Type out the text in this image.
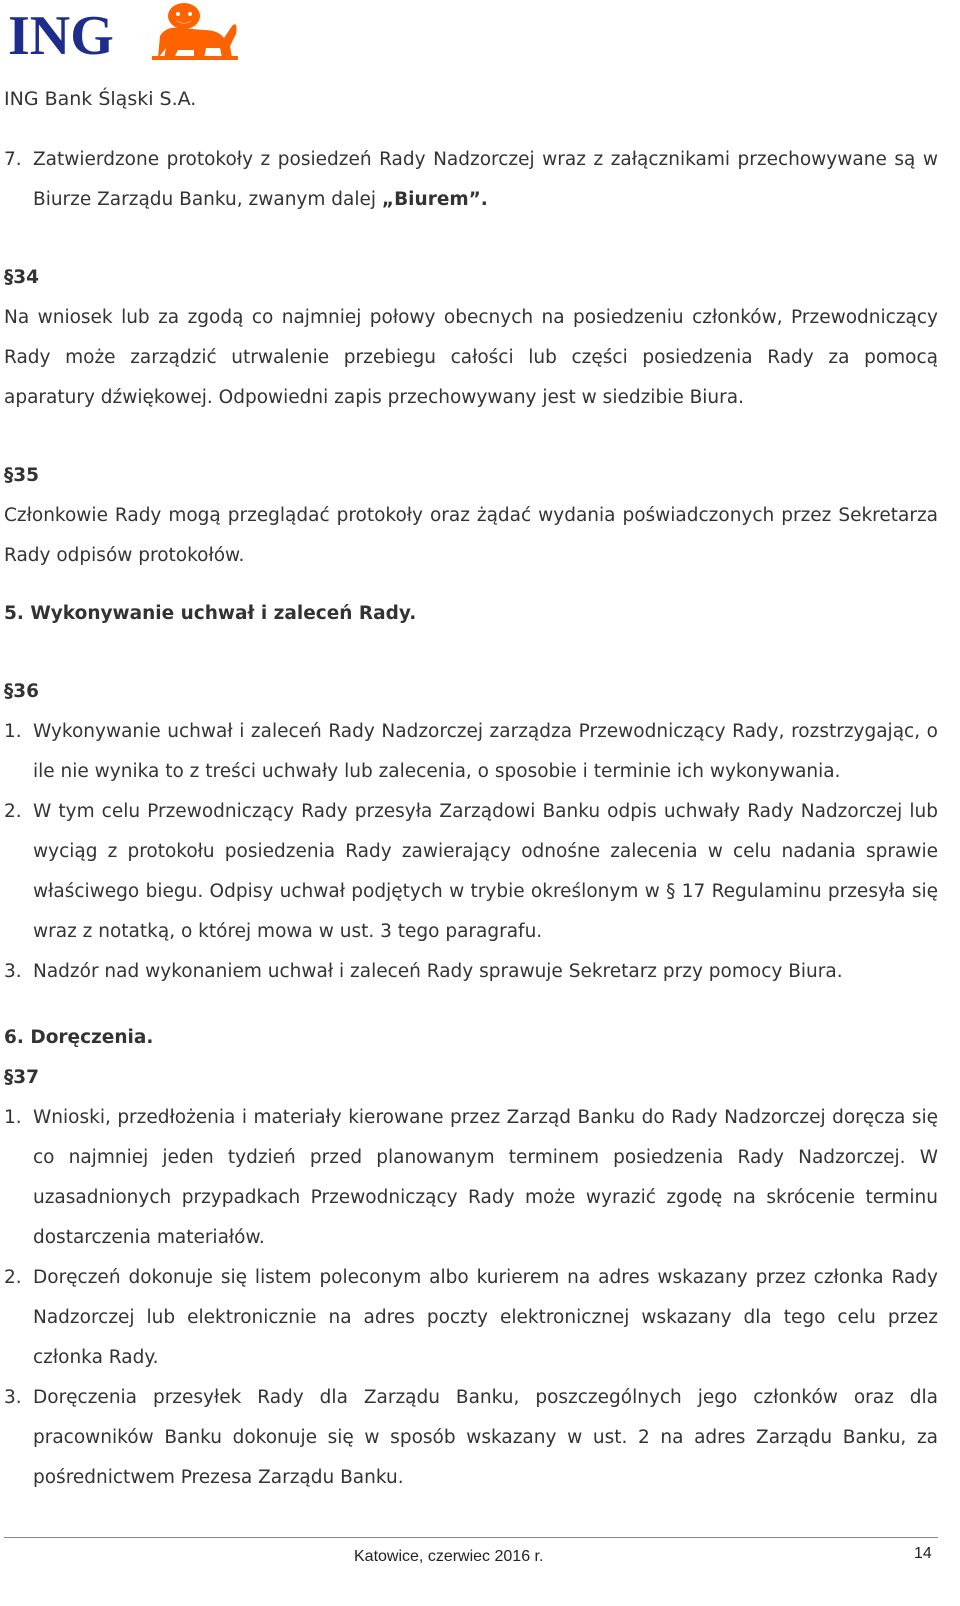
ING
ING Bank Śląski S.A.
7. Zatwierdzone protokoły z posiedzeń Rady Nadzorczej wraz z załącznikami przechowywane są w Biurze Zarządu Banku, zwanym dalej „Biurem”.

§34

Na wniosek lub za zgodą co najmniej połowy obecnych na posiedzeniu członków, Przewodniczący Rady może zarządzić utrwalenie przebiegu całości lub części posiedzenia Rady za pomocą aparatury dźwiękowej. Odpowiedni zapis przechowywany jest w siedzibie Biura.

§35

Członkowie Rady mogą przeglądać protokoły oraz żądać wydania poświadczonych przez Sekretarza Rady odpisów protokołów.

5. Wykonywanie uchwał i zaleceń Rady.

§36

1. Wykonywanie uchwał i zaleceń Rady Nadzorczej zarządza Przewodniczący Rady, rozstrzygając, o ile nie wynika to z treści uchwały lub zalecenia, o sposobie i terminie ich wykonywania.
2. W tym celu Przewodniczący Rady przesyła Zarządowi Banku odpis uchwały Rady Nadzorczej lub wyciąg z protokołu posiedzenia Rady zawierający odnośne zalecenia w celu nadania sprawie właściwego biegu. Odpisy uchwał podjętych w trybie określonym w § 17 Regulaminu przesyła się wraz z notatką, o której mowa w ust. 3 tego paragrafu.
3. Nadzór nad wykonaniem uchwał i zaleceń Rady sprawuje Sekretarz przy pomocy Biura.

6. Doręczenia.

§37

1. Wnioski, przedłożenia i materiały kierowane przez Zarząd Banku do Rady Nadzorczej doręcza się co najmniej jeden tydzień przed planowanym terminem posiedzenia Rady Nadzorczej. W uzasadnionych przypadkach Przewodniczący Rady może wyrazić zgodę na skrócenie terminu dostarczenia materiałów.
2. Doręczeń dokonuje się listem poleconym albo kurierem na adres wskazany przez członka Rady Nadzorczej lub elektronicznie na adres poczty elektronicznej wskazany dla tego celu przez członka Rady.
3. Doręczenia przesyłek Rady dla Zarządu Banku, poszczególnych jego członków oraz dla pracowników Banku dokonuje się w sposób wskazany w ust. 2 na adres Zarządu Banku, za pośrednictwem Prezesa Zarządu Banku.
Katowice, czerwiec 2016 r.	14
